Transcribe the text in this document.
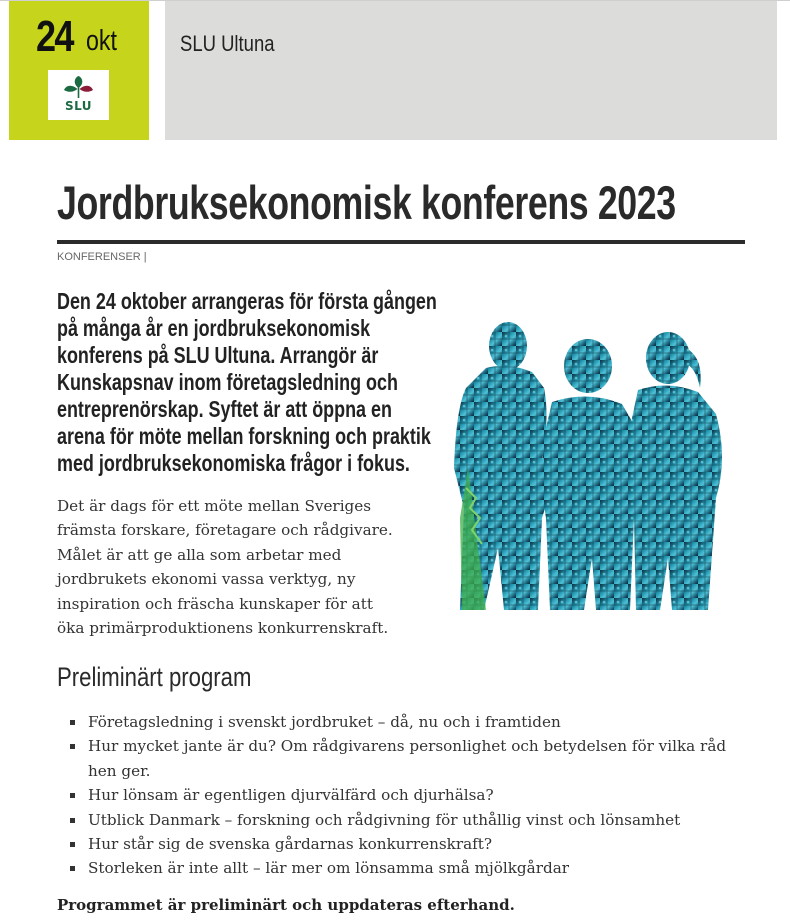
24 okt
SLU
SLU Ultuna
Jordbruksekonomisk konferens 2023
KONFERENSER |
Den 24 oktober arrangeras för första gången
på många år en jordbruksekonomisk
konferens på SLU Ultuna. Arrangör är
Kunskapsnav inom företagsledning och
entreprenörskap. Syftet är att öppna en
arena för möte mellan forskning och praktik
med jordbruksekonomiska frågor i fokus.
Det är dags för ett möte mellan Sveriges
främsta forskare, företagare och rådgivare.
Målet är att ge alla som arbetar med
jordbrukets ekonomi vassa verktyg, ny
inspiration och fräscha kunskaper för att
öka primärproduktionens konkurrenskraft.
Preliminärt program
Företagsledning i svenskt jordbruket – då, nu och i framtiden
Hur mycket jante är du? Om rådgivarens personlighet och betydelsen för vilka råd
hen ger.
Hur lönsam är egentligen djurvälfärd och djurhälsa?
Utblick Danmark – forskning och rådgivning för uthållig vinst och lönsamhet
Hur står sig de svenska gårdarnas konkurrenskraft?
Storleken är inte allt – lär mer om lönsamma små mjölkgårdar

Programmet är preliminärt och uppdateras efterhand.
